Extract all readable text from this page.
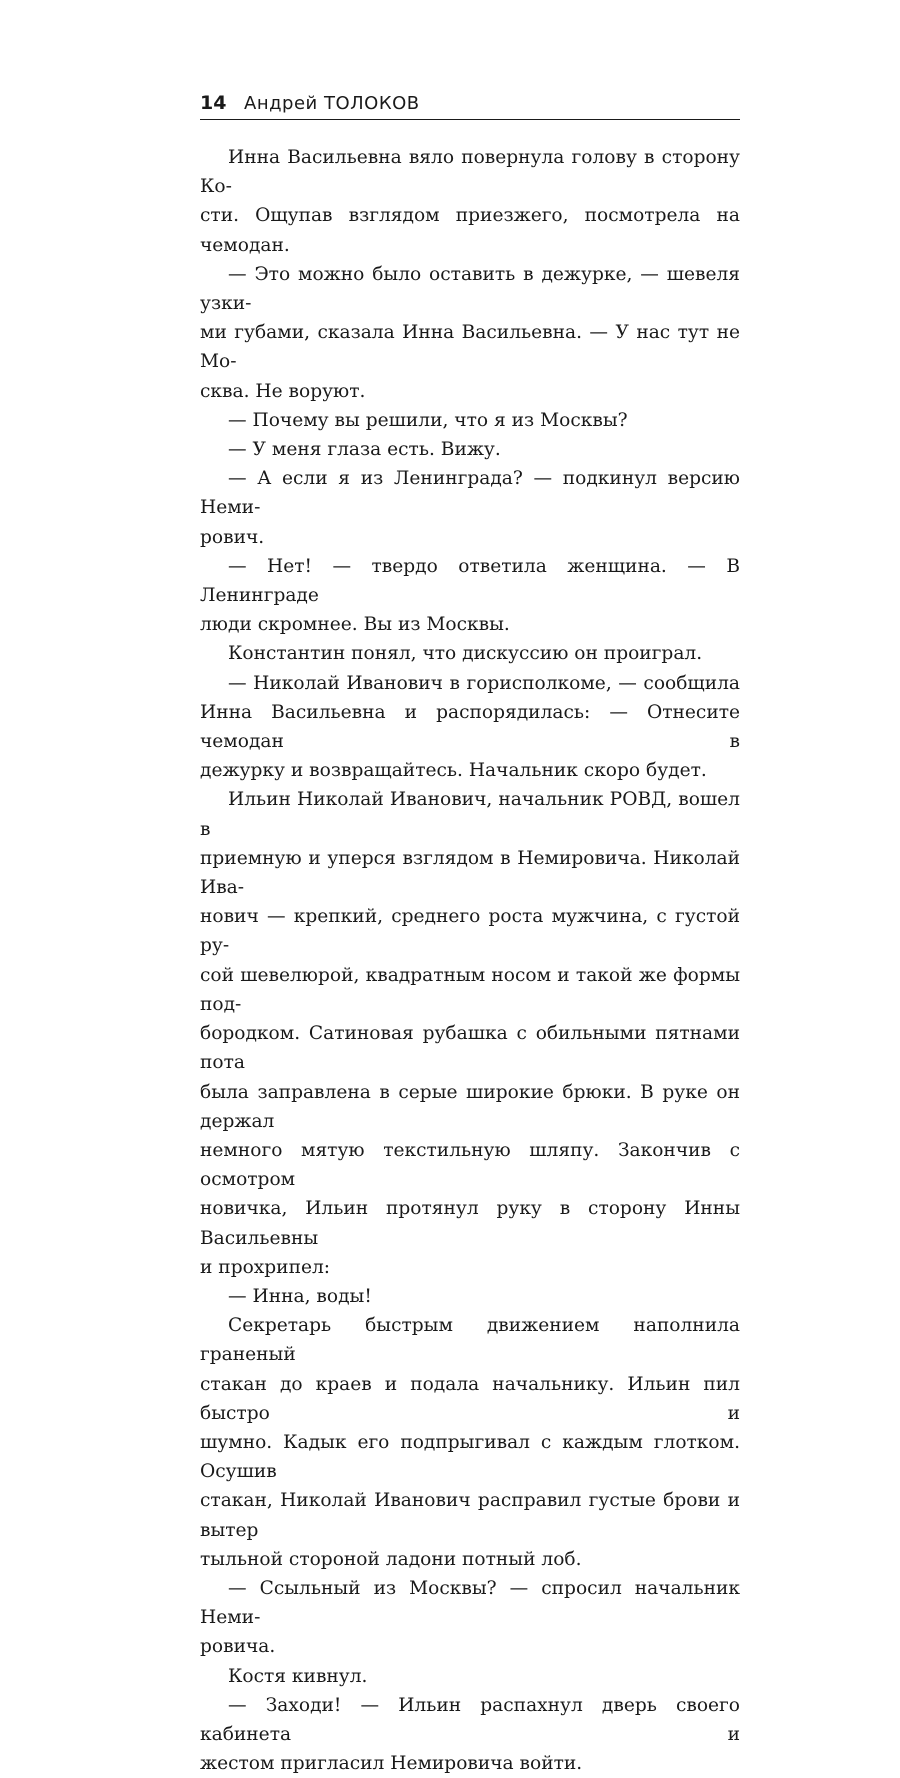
14 Андрей ТОЛОКОВ
Инна Васильевна вяло повернула голову в сторону Ко-
сти. Ощупав взглядом приезжего, посмотрела на чемодан.
— Это можно было оставить в дежурке, — шевеля узки-
ми губами, сказала Инна Васильевна. — У нас тут не Мо-
сква. Не воруют.
— Почему вы решили, что я из Москвы?
— У меня глаза есть. Вижу.
— А если я из Ленинграда? — подкинул версию Неми-
рович.
— Нет! — твердо ответила женщина. — В Ленинграде
люди скромнее. Вы из Москвы.
Константин понял, что дискуссию он проиграл.
— Николай Иванович в горисполкоме, — сообщила
Инна Васильевна и распорядилась: — Отнесите чемодан в
дежурку и возвращайтесь. Начальник скоро будет.
Ильин Николай Иванович, начальник РОВД, вошел в
приемную и уперся взглядом в Немировича. Николай Ива-
нович — крепкий, среднего роста мужчина, с густой ру-
сой шевелюрой, квадратным носом и такой же формы под-
бородком. Сатиновая рубашка с обильными пятнами пота
была заправлена в серые широкие брюки. В руке он держал
немного мятую текстильную шляпу. Закончив с осмотром
новичка, Ильин протянул руку в сторону Инны Васильевны
и прохрипел:
— Инна, воды!
Секретарь быстрым движением наполнила граненый
стакан до краев и подала начальнику. Ильин пил быстро и
шумно. Кадык его подпрыгивал с каждым глотком. Осушив
стакан, Николай Иванович расправил густые брови и вытер
тыльной стороной ладони потный лоб.
— Ссыльный из Москвы? — спросил начальник Неми-
ровича.
Костя кивнул.
— Заходи! — Ильин распахнул дверь своего кабинета и
жестом пригласил Немировича войти.
